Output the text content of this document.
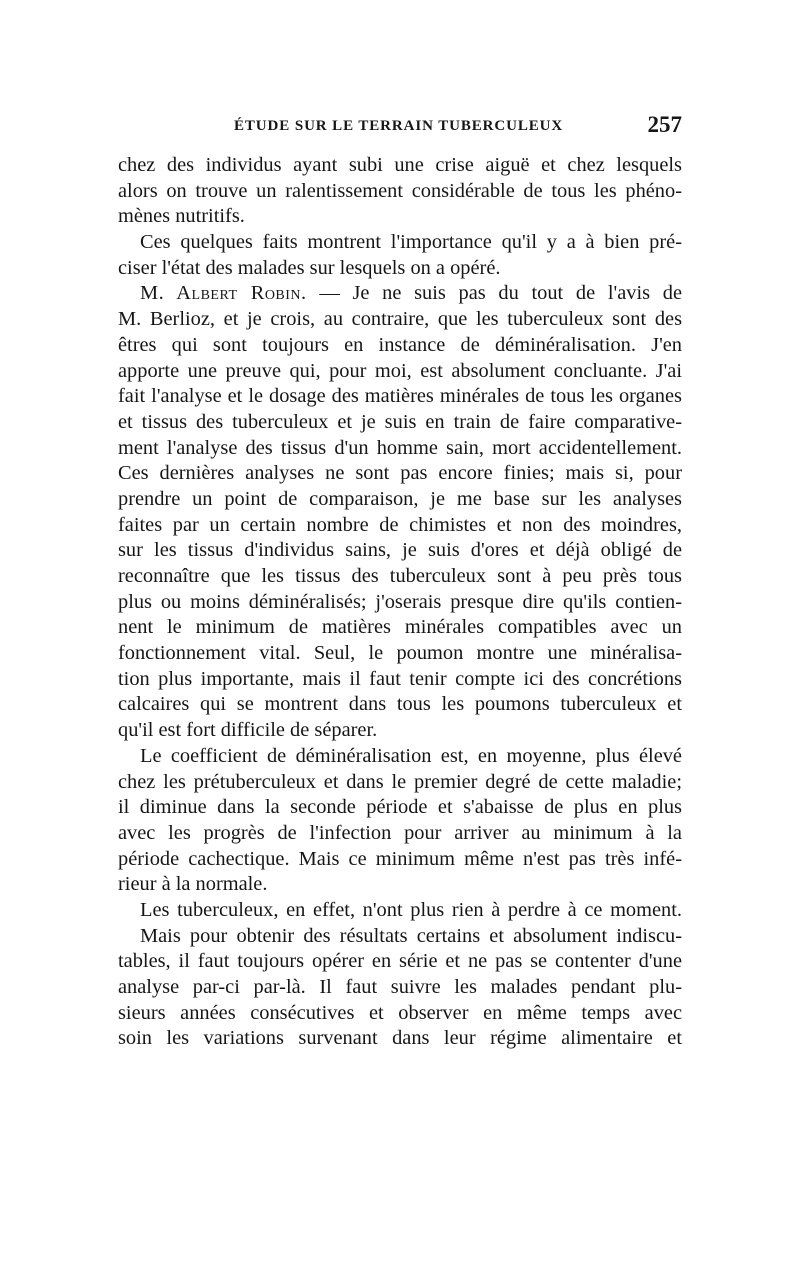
ÉTUDE SUR LE TERRAIN TUBERCULEUX	257
chez des individus ayant subi une crise aiguë et chez lesquels
alors on trouve un ralentissement considérable de tous les phéno-
mènes nutritifs.
Ces quelques faits montrent l'importance qu'il y a à bien pré-
ciser l'état des malades sur lesquels on a opéré.
M. Albert Robin. — Je ne suis pas du tout de l'avis de
M. Berlioz, et je crois, au contraire, que les tuberculeux sont des
êtres qui sont toujours en instance de déminéralisation. J'en
apporte une preuve qui, pour moi, est absolument concluante. J'ai
fait l'analyse et le dosage des matières minérales de tous les organes
et tissus des tuberculeux et je suis en train de faire comparative-
ment l'analyse des tissus d'un homme sain, mort accidentellement.
Ces dernières analyses ne sont pas encore finies; mais si, pour
prendre un point de comparaison, je me base sur les analyses
faites par un certain nombre de chimistes et non des moindres,
sur les tissus d'individus sains, je suis d'ores et déjà obligé de
reconnaître que les tissus des tuberculeux sont à peu près tous
plus ou moins déminéralisés; j'oserais presque dire qu'ils contien-
nent le minimum de matières minérales compatibles avec un
fonctionnement vital. Seul, le poumon montre une minéralisa-
tion plus importante, mais il faut tenir compte ici des concrétions
calcaires qui se montrent dans tous les poumons tuberculeux et
qu'il est fort difficile de séparer.
Le coefficient de déminéralisation est, en moyenne, plus élevé
chez les prétuberculeux et dans le premier degré de cette maladie;
il diminue dans la seconde période et s'abaisse de plus en plus
avec les progrès de l'infection pour arriver au minimum à la
période cachectique. Mais ce minimum même n'est pas très infé-
rieur à la normale.
Les tuberculeux, en effet, n'ont plus rien à perdre à ce moment.
Mais pour obtenir des résultats certains et absolument indiscu-
tables, il faut toujours opérer en série et ne pas se contenter d'une
analyse par-ci par-là. Il faut suivre les malades pendant plu-
sieurs années consécutives et observer en même temps avec
soin les variations survenant dans leur régime alimentaire et
